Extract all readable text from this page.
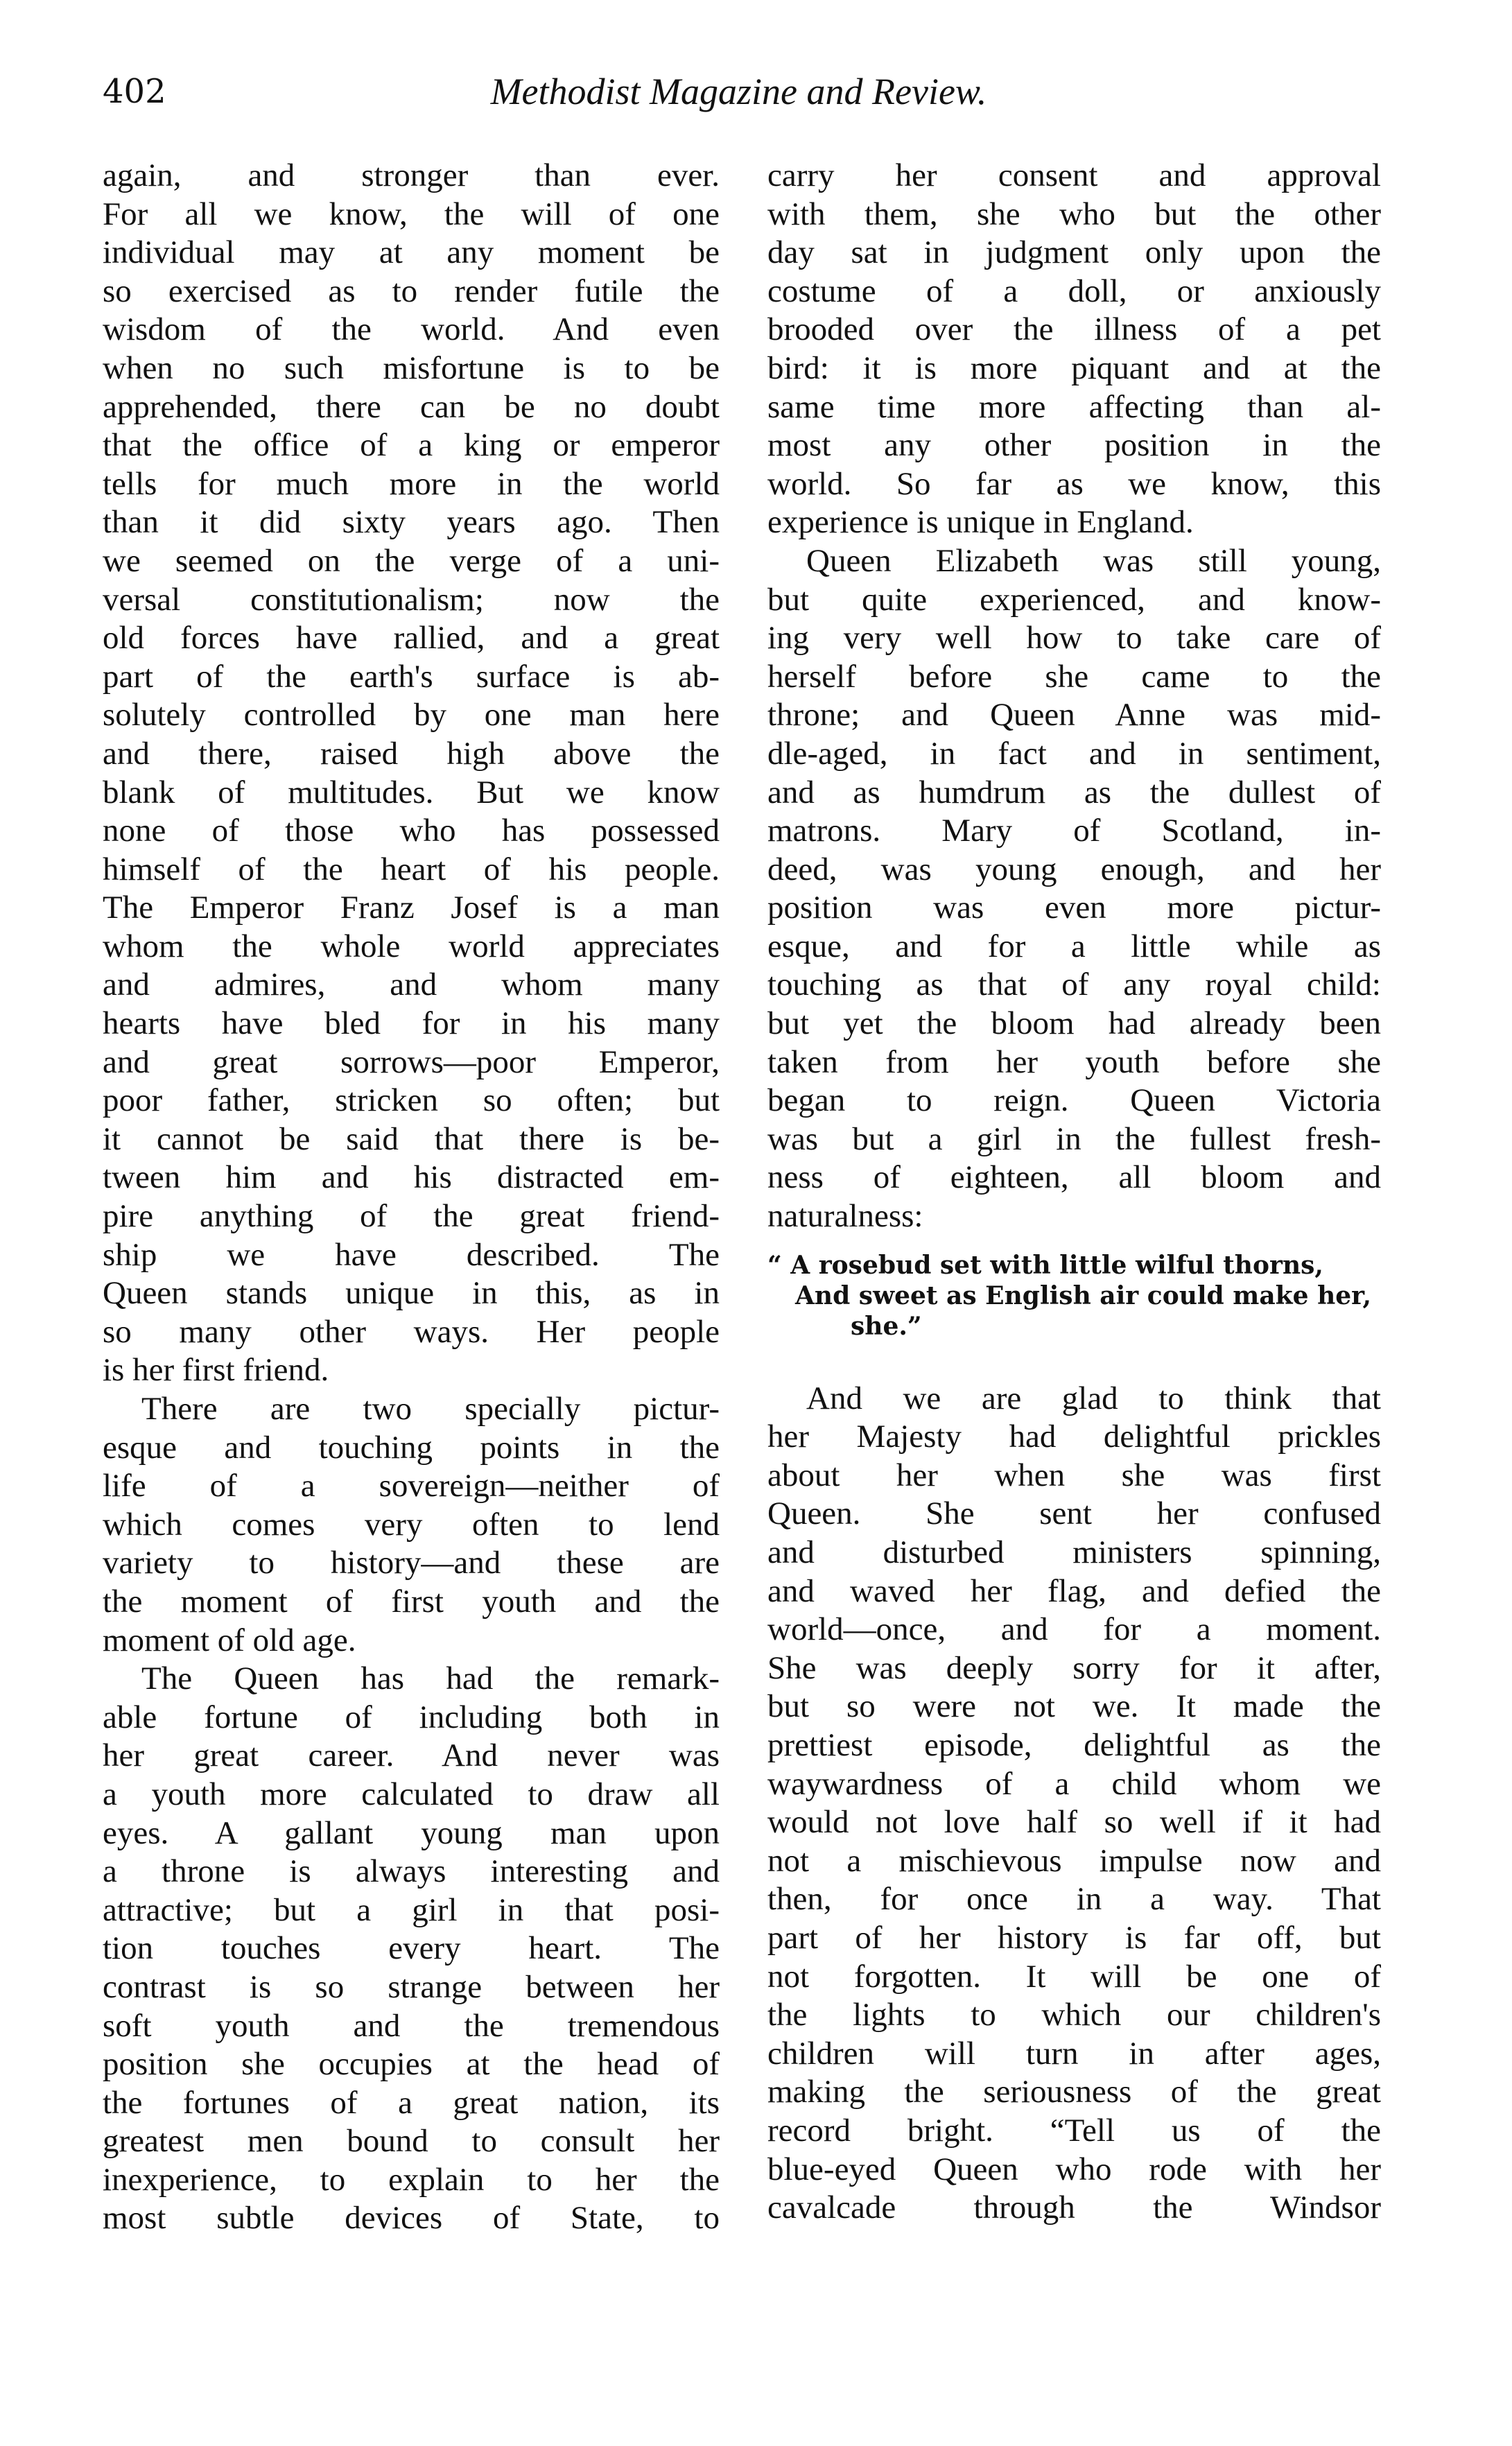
402	Methodist Magazine and Review.
again, and stronger than ever.
For all we know, the will of one
individual may at any moment be
so exercised as to render futile the
wisdom of the world. And even
when no such misfortune is to be
apprehended, there can be no doubt
that the office of a king or emperor
tells for much more in the world
than it did sixty years ago. Then
we seemed on the verge of a uni-
versal constitutionalism; now the
old forces have rallied, and a great
part of the earth's surface is ab-
solutely controlled by one man here
and there, raised high above the
blank of multitudes. But we know
none of those who has possessed
himself of the heart of his people.
The Emperor Franz Josef is a man
whom the whole world appreciates
and admires, and whom many
hearts have bled for in his many
and great sorrows—poor Emperor,
poor father, stricken so often; but
it cannot be said that there is be-
tween him and his distracted em-
pire anything of the great friend-
ship we have described. The
Queen stands unique in this, as in
so many other ways. Her people
is her first friend.
There are two specially pictur-
esque and touching points in the
life of a sovereign—neither of
which comes very often to lend
variety to history—and these are
the moment of first youth and the
moment of old age.
The Queen has had the remark-
able fortune of including both in
her great career. And never was
a youth more calculated to draw all
eyes. A gallant young man upon
a throne is always interesting and
attractive; but a girl in that posi-
tion touches every heart. The
contrast is so strange between her
soft youth and the tremendous
position she occupies at the head of
the fortunes of a great nation, its
greatest men bound to consult her
inexperience, to explain to her the
most subtle devices of State, to
carry her consent and approval
with them, she who but the other
day sat in judgment only upon the
costume of a doll, or anxiously
brooded over the illness of a pet
bird: it is more piquant and at the
same time more affecting than al-
most any other position in the
world. So far as we know, this
experience is unique in England.
Queen Elizabeth was still young,
but quite experienced, and know-
ing very well how to take care of
herself before she came to the
throne; and Queen Anne was mid-
dle-aged, in fact and in sentiment,
and as humdrum as the dullest of
matrons. Mary of Scotland, in-
deed, was young enough, and her
position was even more pictur-
esque, and for a little while as
touching as that of any royal child:
but yet the bloom had already been
taken from her youth before she
began to reign. Queen Victoria
was but a girl in the fullest fresh-
ness of eighteen, all bloom and
naturalness:
“ A rosebud set with little wilful thorns,
And sweet as English air could make her,
she.”
And we are glad to think that
her Majesty had delightful prickles
about her when she was first
Queen. She sent her confused
and disturbed ministers spinning,
and waved her flag, and defied the
world—once, and for a moment.
She was deeply sorry for it after,
but so were not we. It made the
prettiest episode, delightful as the
waywardness of a child whom we
would not love half so well if it had
not a mischievous impulse now and
then, for once in a way. That
part of her history is far off, but
not forgotten. It will be one of
the lights to which our children's
children will turn in after ages,
making the seriousness of the great
record bright. “Tell us of the
blue-eyed Queen who rode with her
cavalcade through the Windsor
